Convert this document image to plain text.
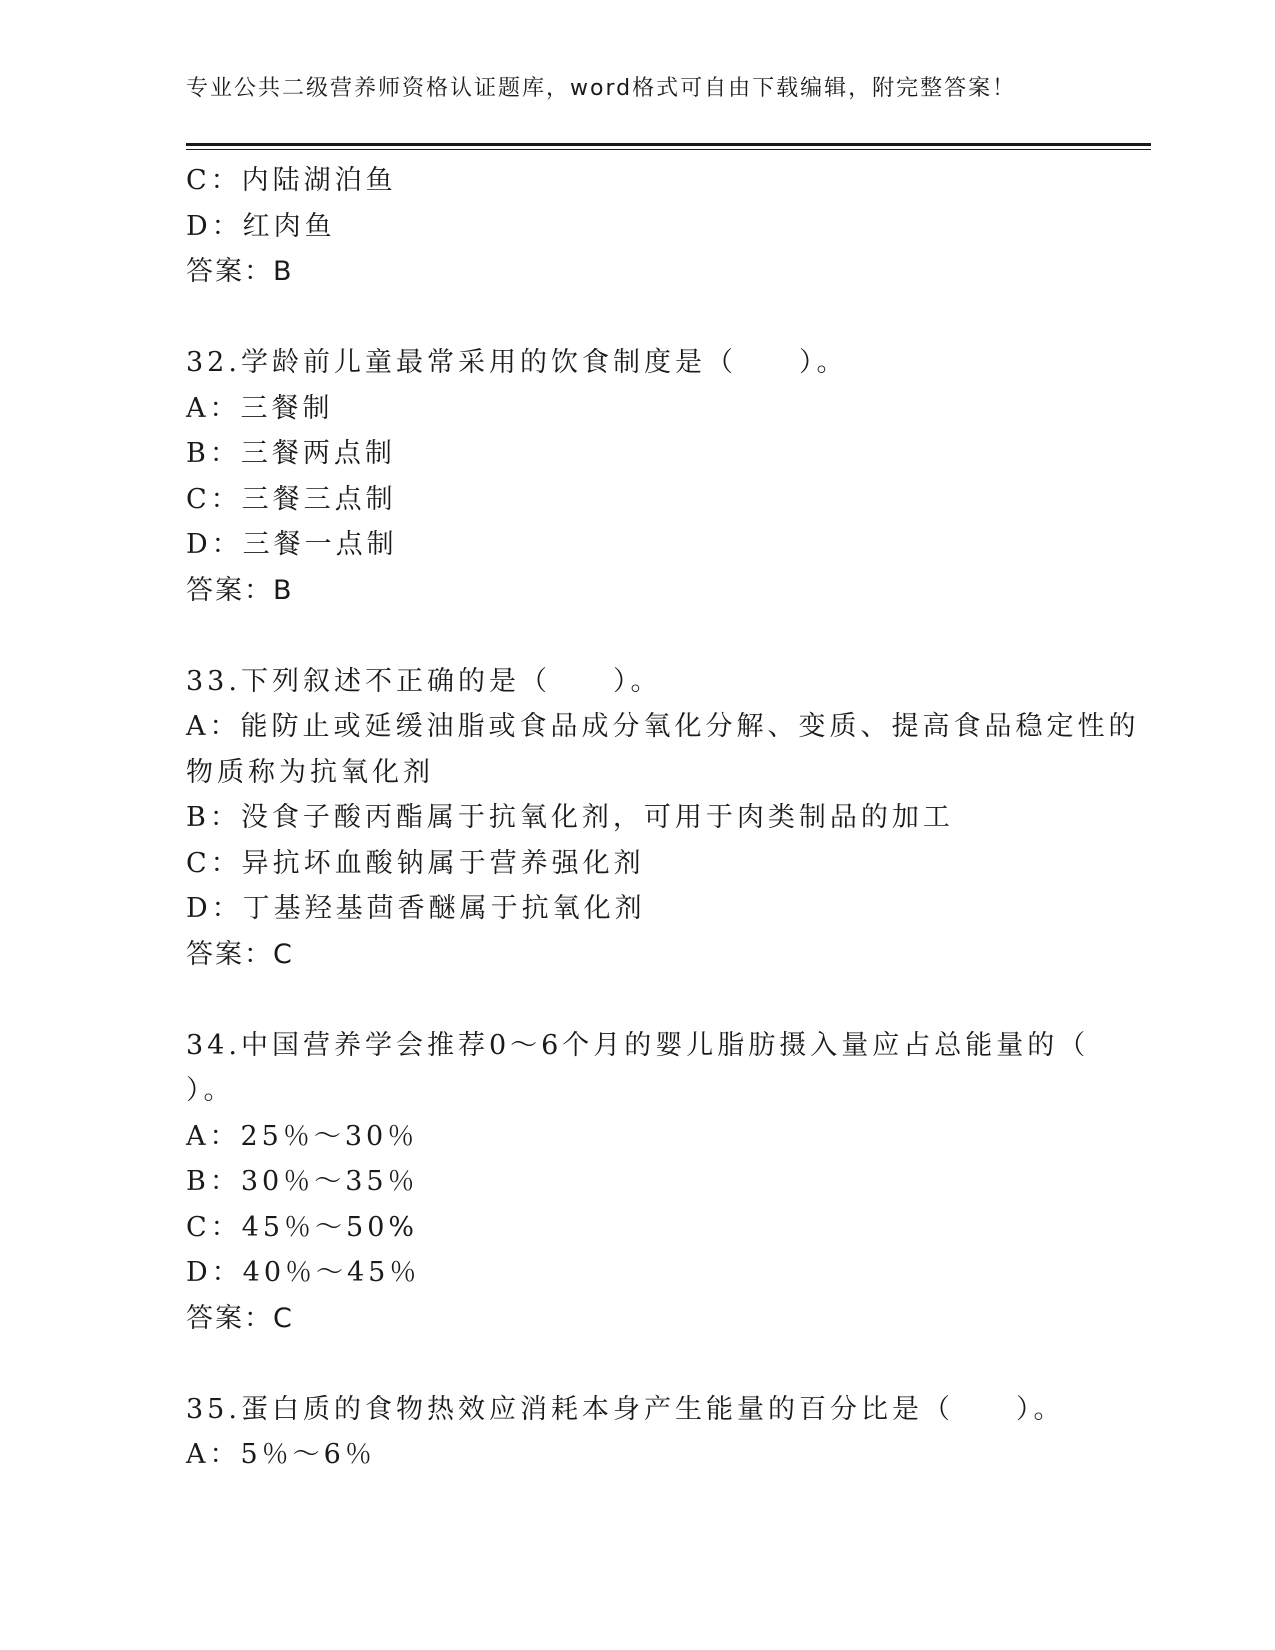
专业公共二级营养师资格认证题库，word格式可自由下载编辑，附完整答案！
C：内陆湖泊鱼
D：红肉鱼
答案：B
32.学龄前儿童最常采用的饮食制度是（　　）。
A：三餐制
B：三餐两点制
C：三餐三点制
D：三餐一点制
答案：B
33.下列叙述不正确的是（　　）。
A：能防止或延缓油脂或食品成分氧化分解、变质、提高食品稳定性的
物质称为抗氧化剂
B：没食子酸丙酯属于抗氧化剂，可用于肉类制品的加工
C：异抗坏血酸钠属于营养强化剂
D：丁基羟基茴香醚属于抗氧化剂
答案：C
34.中国营养学会推荐0～6个月的婴儿脂肪摄入量应占总能量的（
）。
A：25％～30％
B：30％～35％
C：45％～50%
D：40％～45％
答案：C
35.蛋白质的食物热效应消耗本身产生能量的百分比是（　　）。
A：5％～6％
